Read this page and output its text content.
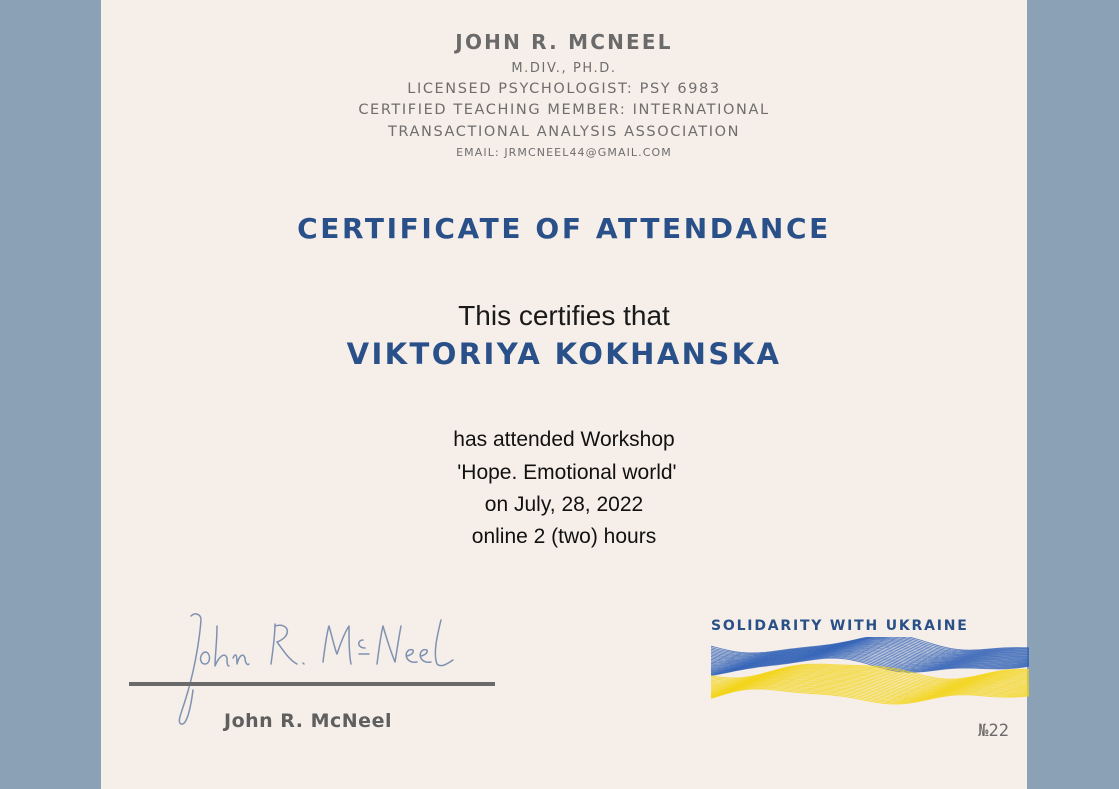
JOHN R. MCNEEL

M.DIV., PH.D.

LICENSED PSYCHOLOGIST: PSY 6983

CERTIFIED TEACHING MEMBER: INTERNATIONAL

TRANSACTIONAL ANALYSIS ASSOCIATION

EMAIL: JRMCNEEL44@GMAIL.COM

CERTIFICATE OF ATTENDANCE

This certifies that

VIKTORIYA KOKHANSKA

has attended Workshop

'Hope. Emotional world'

on July, 28, 2022

online 2 (two) hours

John R. McNeel
SOLIDARITY WITH UKRAINE
№22
